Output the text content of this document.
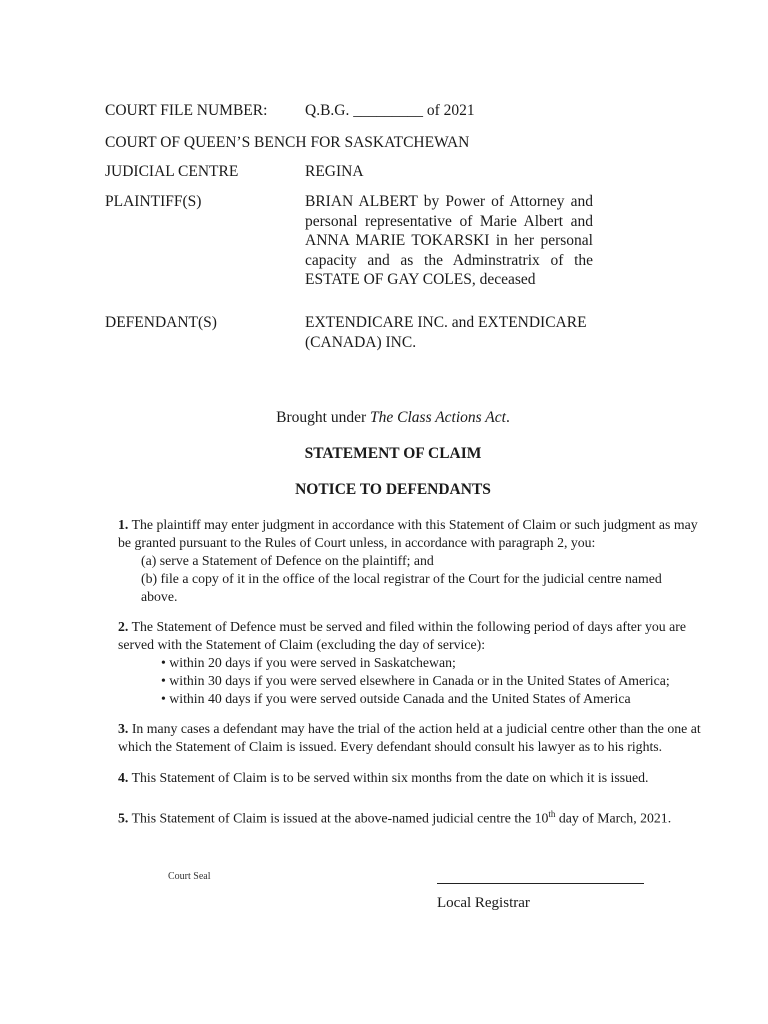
COURT FILE NUMBER: Q.B.G. _________ of 2021
COURT OF QUEEN’S BENCH FOR SASKATCHEWAN
JUDICIAL CENTRE	REGINA
PLAINTIFF(S)	BRIAN ALBERT by Power of Attorney and personal representative of Marie Albert and ANNA MARIE TOKARSKI in her personal capacity and as the Adminstratrix of the ESTATE OF GAY COLES, deceased
DEFENDANT(S)	EXTENDICARE INC. and EXTENDICARE (CANADA) INC.
Brought under The Class Actions Act.
STATEMENT OF CLAIM
NOTICE TO DEFENDANTS
1. The plaintiff may enter judgment in accordance with this Statement of Claim or such judgment as may be granted pursuant to the Rules of Court unless, in accordance with paragraph 2, you:
(a) serve a Statement of Defence on the plaintiff; and
(b) file a copy of it in the office of the local registrar of the Court for the judicial centre named above.
2. The Statement of Defence must be served and filed within the following period of days after you are served with the Statement of Claim (excluding the day of service):
• within 20 days if you were served in Saskatchewan;
• within 30 days if you were served elsewhere in Canada or in the United States of America;
• within 40 days if you were served outside Canada and the United States of America
3. In many cases a defendant may have the trial of the action held at a judicial centre other than the one at which the Statement of Claim is issued. Every defendant should consult his lawyer as to his rights.
4. This Statement of Claim is to be served within six months from the date on which it is issued.
5. This Statement of Claim is issued at the above-named judicial centre the 10th day of March, 2021.
Court Seal
Local Registrar
